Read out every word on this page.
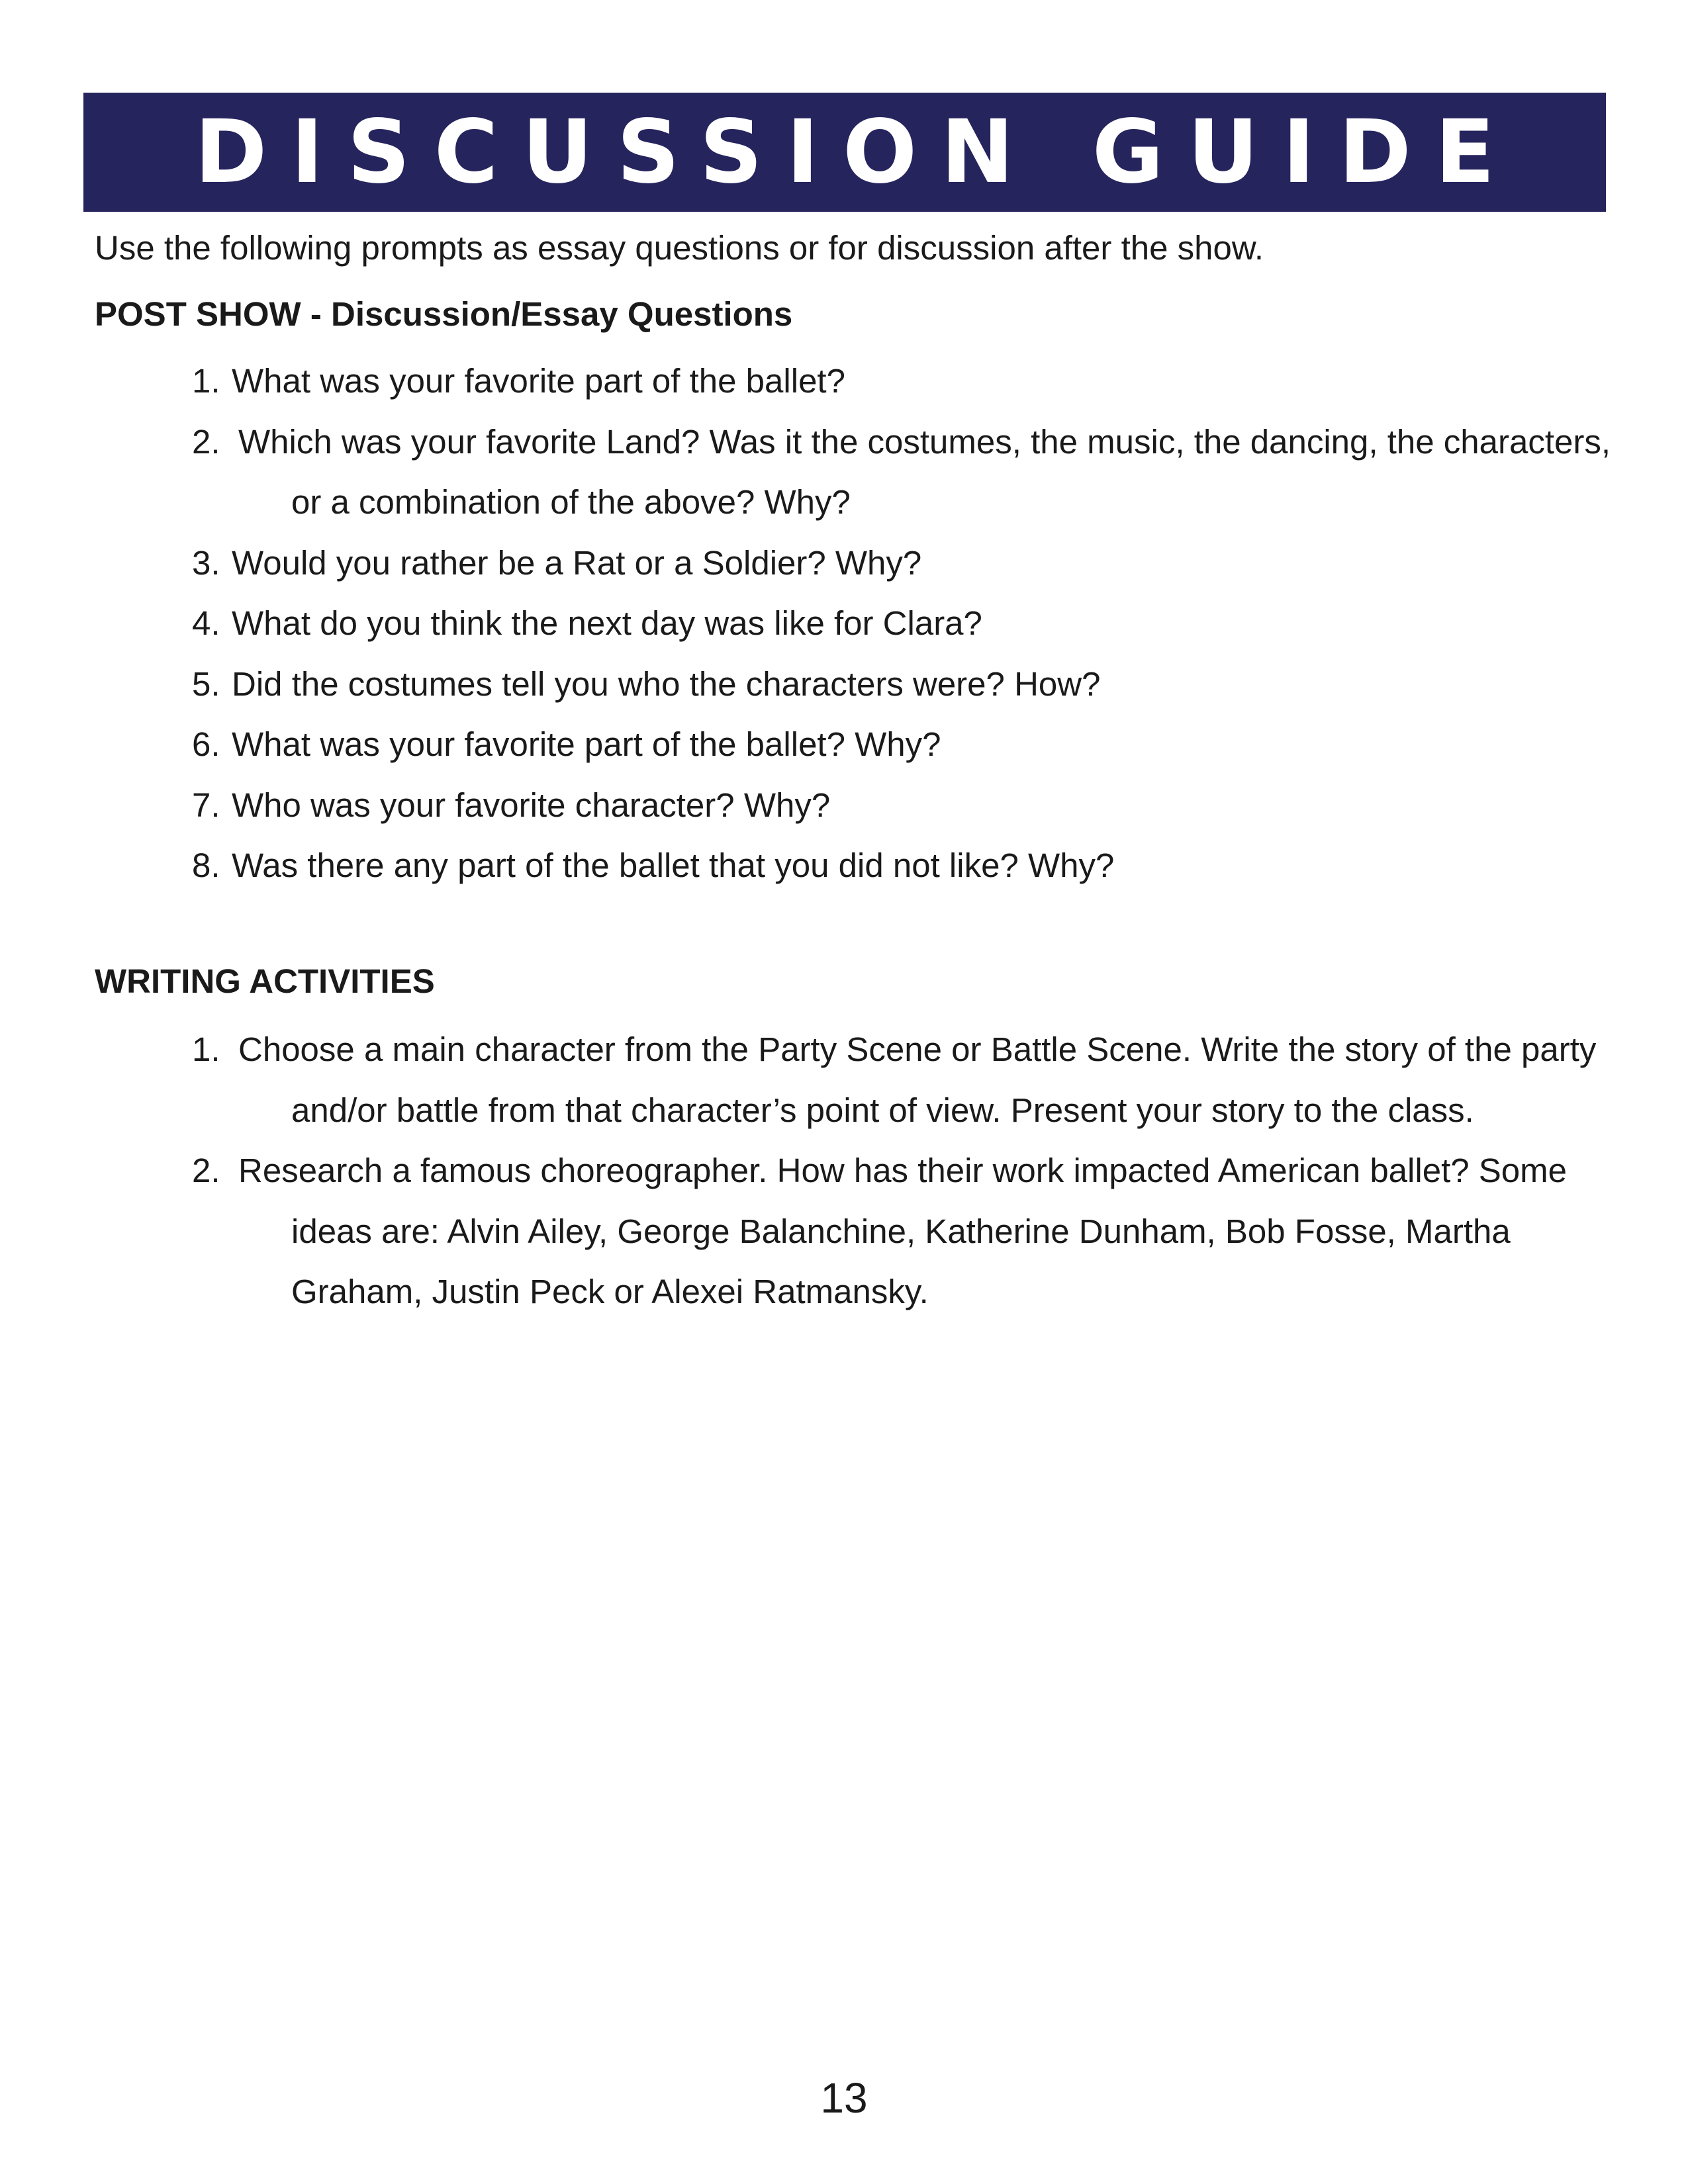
DISCUSSION GUIDE
Use the following prompts as essay questions or for discussion after the show.
POST SHOW - Discussion/Essay Questions
1. What was your favorite part of the ballet?
2. Which was your favorite Land? Was it the costumes, the music, the dancing, the characters, or a combination of the above? Why?
3. Would you rather be a Rat or a Soldier? Why?
4. What do you think the next day was like for Clara?
5. Did the costumes tell you who the characters were? How?
6. What was your favorite part of the ballet? Why?
7. Who was your favorite character? Why?
8. Was there any part of the ballet that you did not like? Why?
WRITING ACTIVITIES
1. Choose a main character from the Party Scene or Battle Scene. Write the story of the party and/or battle from that character’s point of view. Present your story to the class.
2. Research a famous choreographer. How has their work impacted American ballet? Some ideas are: Alvin Ailey, George Balanchine, Katherine Dunham, Bob Fosse, Martha Graham, Justin Peck or Alexei Ratmansky.
13
